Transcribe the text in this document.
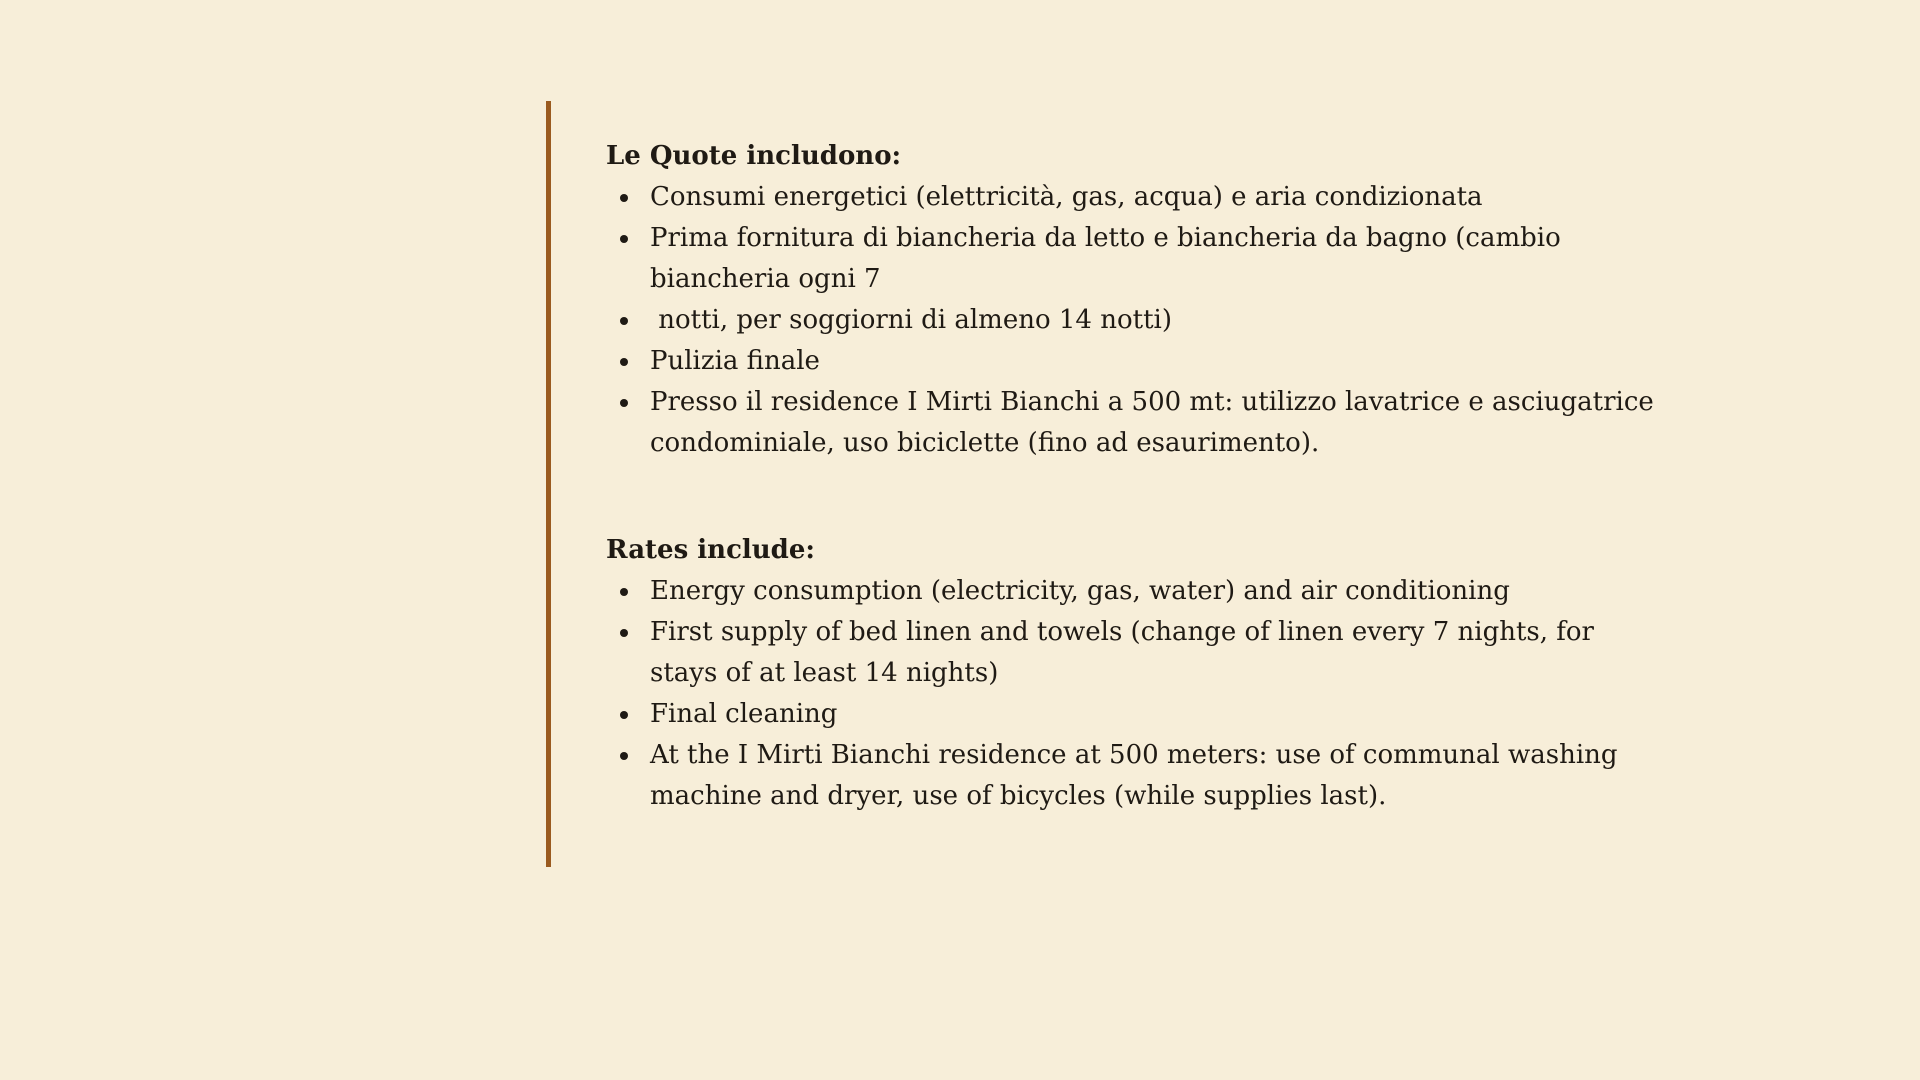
Le Quote includono:

Consumi energetici (elettricità, gas, acqua) e aria condizionata
Prima fornitura di biancheria da letto e biancheria da bagno (cambio biancheria ogni 7
notti, per soggiorni di almeno 14 notti)
Pulizia finale
Presso il residence I Mirti Bianchi a 500 mt: utilizzo lavatrice e asciugatrice condominiale, uso biciclette (fino ad esaurimento).

Rates include:

Energy consumption (electricity, gas, water) and air conditioning
First supply of bed linen and towels (change of linen every 7 nights, for stays of at least 14 nights)
Final cleaning
At the I Mirti Bianchi residence at 500 meters: use of communal washing machine and dryer, use of bicycles (while supplies last).
